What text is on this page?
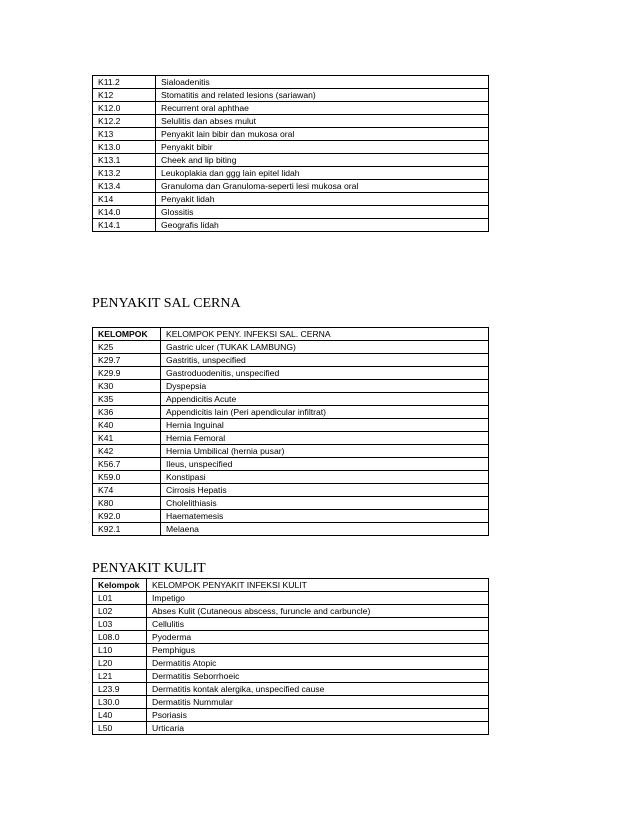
K11.2	Sialoadenitis
K12	Stomatitis and related lesions (sariawan)
K12.0	Recurrent oral aphthae
K12.2	Selulitis dan abses mulut
K13	Penyakit lain bibir dan mukosa oral
K13.0	Penyakit bibir
K13.1	Cheek and lip biting
K13.2	Leukoplakia dan ggg lain epitel lidah
K13.4	Granuloma dan Granuloma-seperti lesi mukosa oral
K14	Penyakit lidah
K14.0	Glossitis
K14.1	Geografis lidah
PENYAKIT SAL CERNA
KELOMPOK	KELOMPOK PENY. INFEKSI SAL. CERNA
K25	Gastric ulcer (TUKAK LAMBUNG)
K29.7	Gastritis, unspecified
K29.9	Gastroduodenitis, unspecified
K30	Dyspepsia
K35	Appendicitis Acute
K36	Appendicitis lain (Peri apendicular infiltrat)
K40	Hernia Inguinal
K41	Hernia Femoral
K42	Hernia Umbilical (hernia pusar)
K56.7	Ileus, unspecified
K59.0	Konstipasi
K74	Cirrosis Hepatis
K80	Cholelithiasis
K92.0	Haematemesis
K92.1	Melaena
PENYAKIT KULIT
Kelompok	KELOMPOK PENYAKIT INFEKSI KULIT
L01	Impetigo
L02	Abses Kulit (Cutaneous abscess, furuncle and carbuncle)
L03	Cellulitis
L08.0	Pyoderma
L10	Pemphigus
L20	Dermatitis Atopic
L21	Dermatitis Seborrhoeic
L23.9	Dermatitis kontak alergika, unspecified cause
L30.0	Dermatitis Nummular
L40	Psoriasis
L50	Urticaria
